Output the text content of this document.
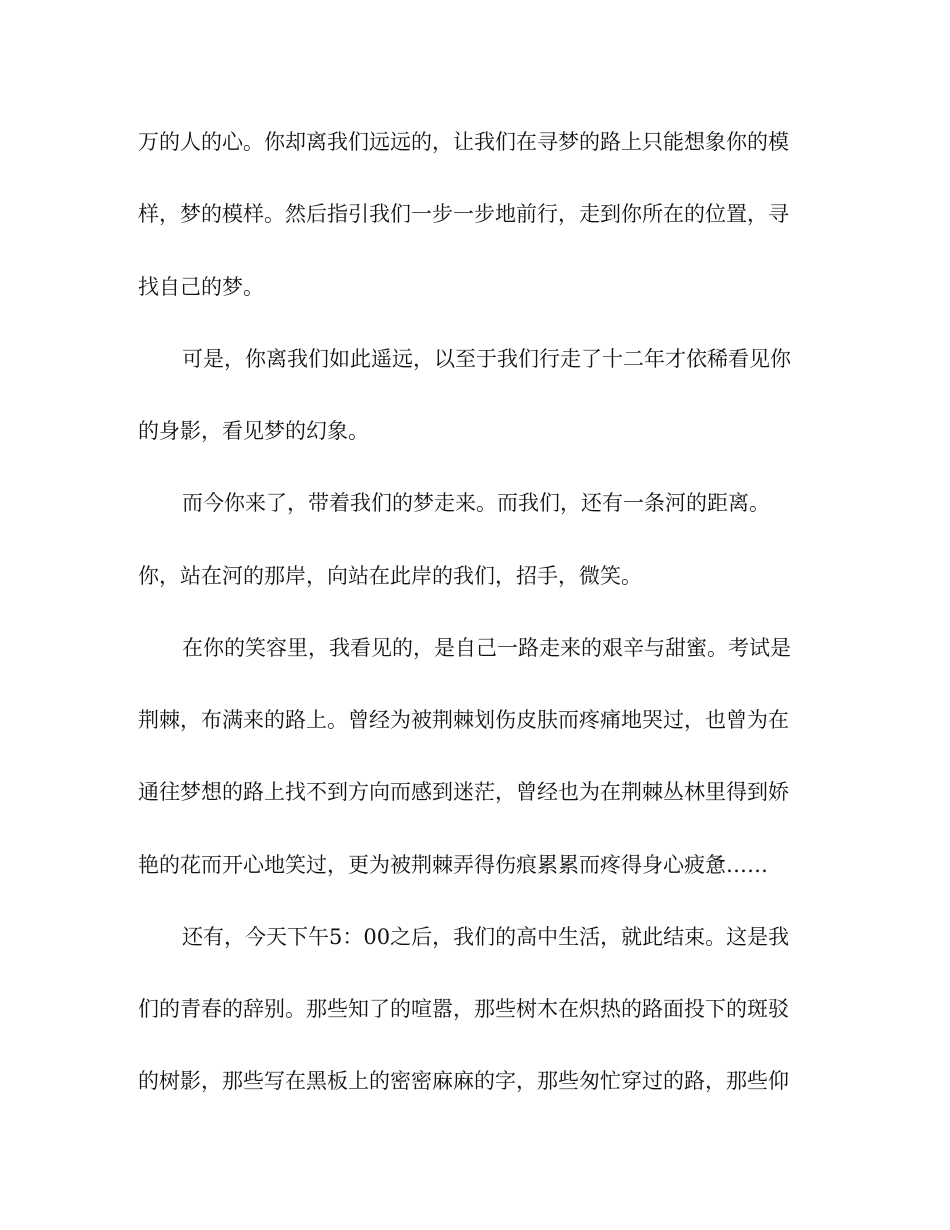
万的人的心。你却离我们远远的，让我们在寻梦的路上只能想象你的模
样，梦的模样。然后指引我们一步一步地前行，走到你所在的位置，寻
找自己的梦。
可是，你离我们如此遥远，以至于我们行走了十二年才依稀看见你
的身影，看见梦的幻象。
而今你来了，带着我们的梦走来。而我们，还有一条河的距离。
你，站在河的那岸，向站在此岸的我们，招手，微笑。
在你的笑容里，我看见的，是自己一路走来的艰辛与甜蜜。考试是
荆棘，布满来的路上。曾经为被荆棘划伤皮肤而疼痛地哭过，也曾为在
通往梦想的路上找不到方向而感到迷茫，曾经也为在荆棘丛林里得到娇
艳的花而开心地笑过，更为被荆棘弄得伤痕累累而疼得身心疲惫……
还有，今天下午5：00之后，我们的高中生活，就此结束。这是我
们的青春的辞别。那些知了的喧嚣，那些树木在炽热的路面投下的斑驳
的树影，那些写在黑板上的密密麻麻的字，那些匆忙穿过的路，那些仰
